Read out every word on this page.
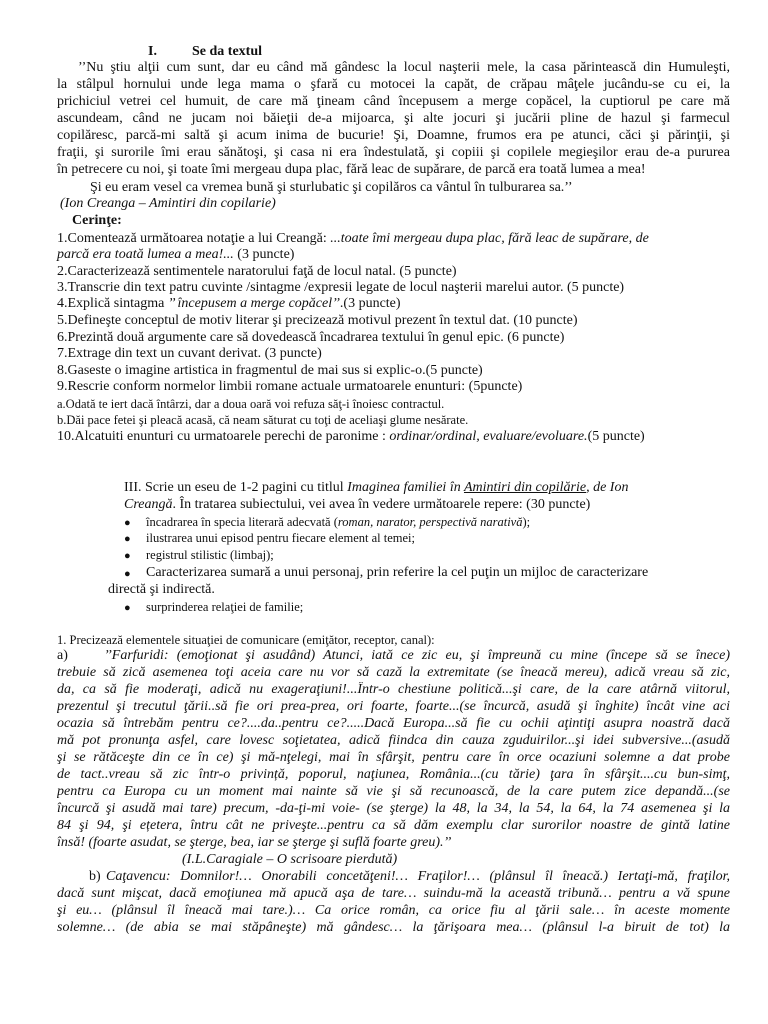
I.	Se da textul
’’Nu ştiu alţii cum sunt, dar eu când mă gândesc la locul naşterii mele, la casa părintească din Humuleşti,
la stâlpul hornului unde lega mama o şfară cu motocei la capăt, de crăpau mâţele jucându-se cu ei, la
prichiciul vetrei cel humuit, de care mă ţineam când începusem a merge copăcel, la cuptiorul pe care mă
ascundeam, când ne jucam noi băieţii de-a mijoarca, şi alte jocuri şi jucării pline de hazul şi farmecul
copilăresc, parcă-mi saltă şi acum inima de bucurie! Şi, Doamne, frumos era pe atunci, căci şi părinţii, şi
fraţii, şi surorile îmi erau sănătoşi, şi casa ni era îndestulată, şi copiii şi copilele megieşilor erau de-a pururea
în petrecere cu noi, şi toate îmi mergeau dupa plac, fără leac de supărare, de parcă era toată lumea a mea!
Şi eu eram vesel ca vremea bună şi sturlubatic şi copilăros ca vântul în tulburarea sa.’’
(Ion Creanga – Amintiri din copilarie)
Cerinţe:
1.Comentează următoarea notaţie a lui Creangă: ...toate îmi mergeau dupa plac, fără leac de supărare, de
parcă era toată lumea a mea!... (3 puncte)
2.Caracterizează sentimentele naratorului faţă de locul natal. (5 puncte)
3.Transcrie din text patru cuvinte /sintagme /expresii legate de locul naşterii marelui autor. (5 puncte)
4.Explică sintagma ’’ începusem a merge copăcel’’.(3 puncte)
5.Defineşte conceptul de motiv literar şi precizează motivul prezent în textul dat. (10 puncte)
6.Prezintă două argumente care să dovedească încadrarea textului în genul epic. (6 puncte)
7.Extrage din text un cuvant derivat. (3 puncte)
8.Gaseste o imagine artistica in fragmentul de mai sus si explic-o.(5 puncte)
9.Rescrie conform normelor limbii romane actuale urmatoarele enunturi: (5puncte)
a.Odată te iert dacă întârzi, dar a doua oară voi refuza săţ-i înoiesc contractul.
b.Dăi pace fetei şi pleacă acasă, că neam săturat cu toţi de aceliaşi glume nesărate.
10.Alcatuiti enunturi cu urmatoarele perechi de paronime : ordinar/ordinal, evaluare/evoluare.(5 puncte)
III. Scrie un eseu de 1-2 pagini cu titlul Imaginea familiei în Amintiri din copilărie, de Ion
Creangă. În tratarea subiectului, vei avea în vedere următoarele repere: (30 puncte)
● încadrarea în specia literară adecvată (roman, narator, perspectivă narativă);
● ilustrarea unui episod pentru fiecare element al temei;
● registrul stilistic (limbaj);
● Caracterizarea sumară a unui personaj, prin referire la cel puţin un mijloc de caracterizare
directă şi indirectă.
● surprinderea relaţiei de familie;
1. Precizează elementele situaţiei de comunicare (emiţător, receptor, canal):
a)	’’Farfuridi: (emoţionat şi asudând) Atunci, iată ce zic eu, şi împreună cu mine (începe să se înece)
trebuie să zică asemenea toţi aceia care nu vor să cază la extremitate (se îneacă mereu), adică vreau să zic,
da, ca să fie moderaţi, adică nu exageraţiuni!...Într-o chestiune politică...şi care, de la care atârnă viitorul,
prezentul şi trecutul ţării..să fie ori prea-prea, ori foarte, foarte...(se încurcă, asudă şi înghite) încât vine aci
ocazia să întrebăm pentru ce?....da..pentru ce?.....Dacă Europa...să fie cu ochii aţintiţi asupra noastră dacă
mă pot pronunţa asfel, care lovesc soţietatea, adică fiindca din cauza zguduirilor...şi idei subversive...(asudă
şi se rătăceşte din ce în ce) şi mă-nţelegi, mai în sfârşit, pentru care în orce ocaziuni solemne a dat probe
de tact..vreau să zic într-o privință, poporul, naţiunea, România...(cu tărie) ţara în sfârşit....cu bun-simţ,
pentru ca Europa cu un moment mai nainte să vie şi să recunoască, de la care putem zice depandă...(se
încurcă şi asudă mai tare) precum, -da-ţi-mi voie- (se şterge) la 48, la 34, la 54, la 64, la 74 asemenea şi la
84 şi 94, şi ețetera, întru cât ne priveşte...pentru ca să dăm exemplu clar surorilor noastre de gintă latine
însă! (foarte asudat, se şterge, bea, iar se şterge şi suflă foarte greu).’’
(I.L.Caragiale – O scrisoare pierdută)
b) Caţavencu: Domnilor!… Onorabili concetăţeni!… Fraţilor!… (plânsul îl îneacă.) Iertaţi-mă, fraţilor,
dacă sunt mişcat, dacă emoţiunea mă apucă aşa de tare… suindu-mă la această tribună… pentru a vă spune
şi eu… (plânsul îl îneacă mai tare.)… Ca orice român, ca orice fiu al ţării sale… în aceste momente
solemne… (de abia se mai stăpâneşte) mă gândesc… la ţărişoara mea… (plânsul l-a biruit de tot) la
